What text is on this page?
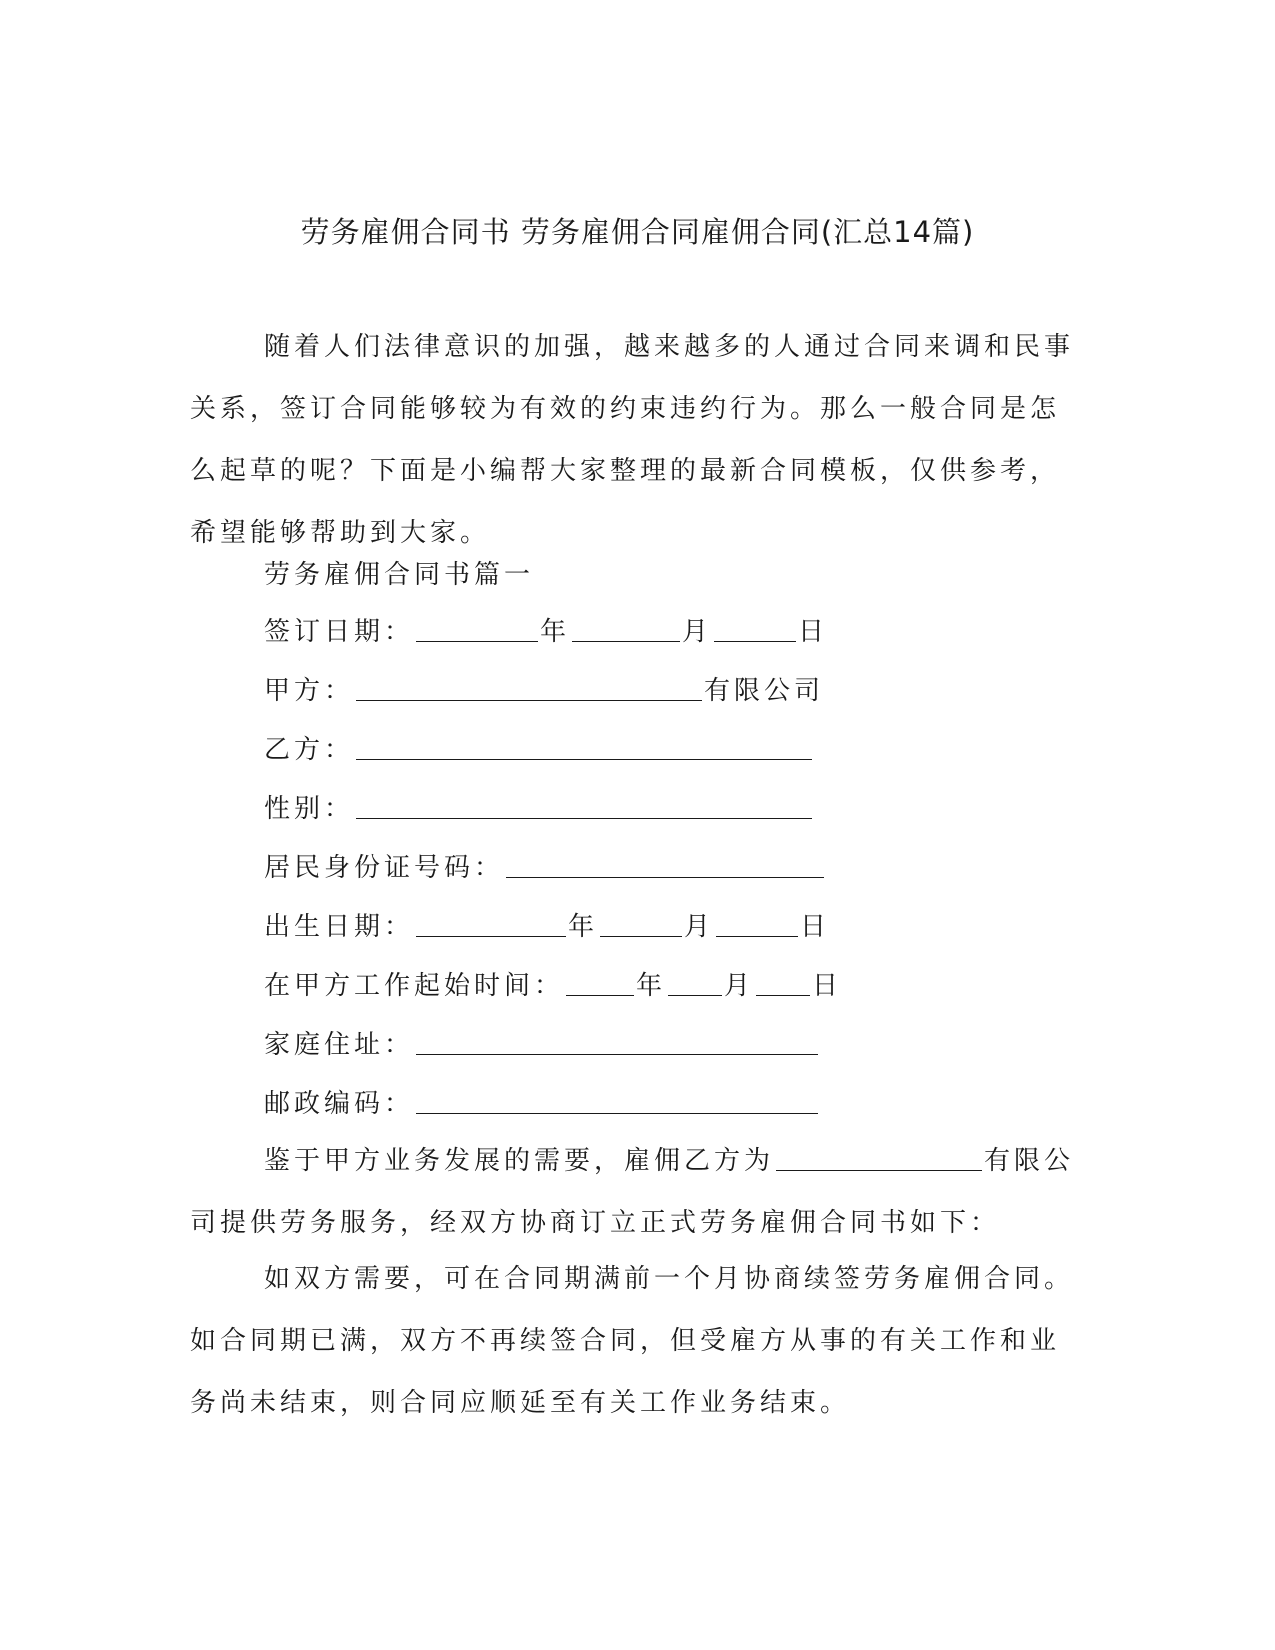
劳务雇佣合同书 劳务雇佣合同雇佣合同(汇总14篇)

随着人们法律意识的加强，越来越多的人通过合同来调和民事关系，签订合同能够较为有效的约束违约行为。那么一般合同是怎么起草的呢？下面是小编帮大家整理的最新合同模板，仅供参考，希望能够帮助到大家。

劳务雇佣合同书篇一
签订日期：	年	月	日
甲方：	有限公司
乙方：
性别：
居民身份证号码：
出生日期：	年	月	日
在甲方工作起始时间：	年 月 日
家庭住址：
邮政编码：

鉴于甲方业务发展的需要，雇佣乙方为	有限公司提供劳务服务，经双方协商订立正式劳务雇佣合同书如下：

如双方需要，可在合同期满前一个月协商续签劳务雇佣合同。如合同期已满，双方不再续签合同，但受雇方从事的有关工作和业务尚未结束，则合同应顺延至有关工作业务结束。
